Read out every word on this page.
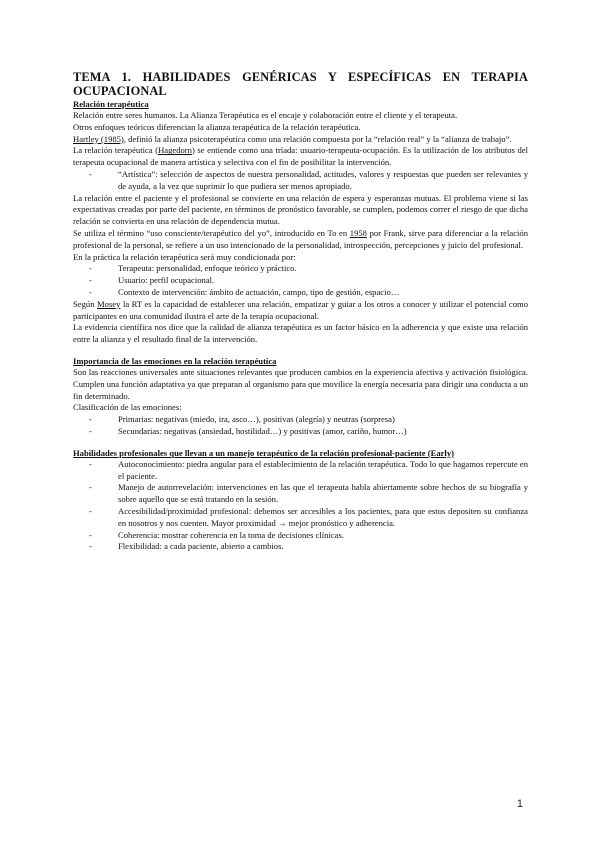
TEMA 1. HABILIDADES GENÉRICAS Y ESPECÍFICAS EN TERAPIA OCUPACIONAL
Relación terapéutica

Relación entre seres humanos. La Alianza Terapéutica es el encaje y colaboración entre el cliente y el terapeuta.

Otros enfoques teóricos diferencian la alianza terapéutica de la relación terapéutica.

Hartley (1985), definió la alianza psicoterapéutica como una relación compuesta por la “relación real” y la “alianza de trabajo”.

La relación terapéutica (Hagedorn) se entiende como una tríada: usuario-terapeuta-ocupación. Es la utilización de los atributos del terapeuta ocupacional de manera artística y selectiva con el fin de posibilitar la intervención.

-	“Artística”: selección de aspectos de nuestra personalidad, actitudes, valores y respuestas que pueden ser relevantes y de ayuda, a la vez que suprimir lo que pudiera ser menos apropiado.

La relación entre el paciente y el profesional se convierte en una relación de espera y esperanzas mutuas. El problema viene si las expectativas creadas por parte del paciente, en términos de pronóstico favorable, se cumplen, podemos correr el riesgo de que dicha relación se convierta en una relación de dependencia mutua.

Se utiliza el término “uso consciente/terapéutico del yo”, introducido en To en 1958 por Frank, sirve para diferenciar a la relación profesional de la personal, se refiere a un uso intencionado de la personalidad, introspección, percepciones y juicio del profesional.

En la práctica la relación terapéutica será muy condicionada por:

-	Terapeuta: personalidad, enfoque teórico y práctico.
-	Usuario: perfil ocupacional.
-	Contexto de intervención: ámbito de actuación, campo, tipo de gestión, espacio…

Según Mosey la RT es la capacidad de establecer una relación, empatizar y guiar a los otros a conocer y utilizar el potencial como participantes en una comunidad ilustra el arte de la terapia ocupacional.

La evidencia científica nos dice que la calidad de alianza terapéutica es un factor básico en la adherencia y que existe una relación entre la alianza y el resultado final de la intervención.

Importancia de las emociones en la relación terapéutica

Son las reacciones universales ante situaciones relevantes que producen cambios en la experiencia afectiva y activación fisiológica. Cumplen una función adaptativa ya que preparan al organismo para que movilice la energía necesaria para dirigir una conducta a un fin determinado.

Clasificación de las emociones:

-	Primarias: negativas (miedo, ira, asco…), positivas (alegría) y neutras (sorpresa)
-	Secundarias: negativas (ansiedad, hostilidad…) y positivas (amor, cariño, humor…)
Habilidades profesionales que llevan a un manejo terapéutico de la relación profesional-paciente (Early)
-	Autoconocimiento: piedra angular para el establecimiento de la relación terapéutica. Todo lo que hagamos repercute en el paciente.
-	Manejo de autorrevelación: intervenciones en las que el terapeuta habla abiertamente sobre hechos de su biografía y sobre aquello que se está tratando en la sesión.
-	Accesibilidad/proximidad profesional: debemos ser accesibles a los pacientes, para que estos depositen su confianza en nosotros y nos cuenten. Mayor proximidad → mejor pronóstico y adherencia.
-	Coherencia: mostrar coherencia en la toma de decisiones clínicas.
-	Flexibilidad: a cada paciente, abierto a cambios.
1
